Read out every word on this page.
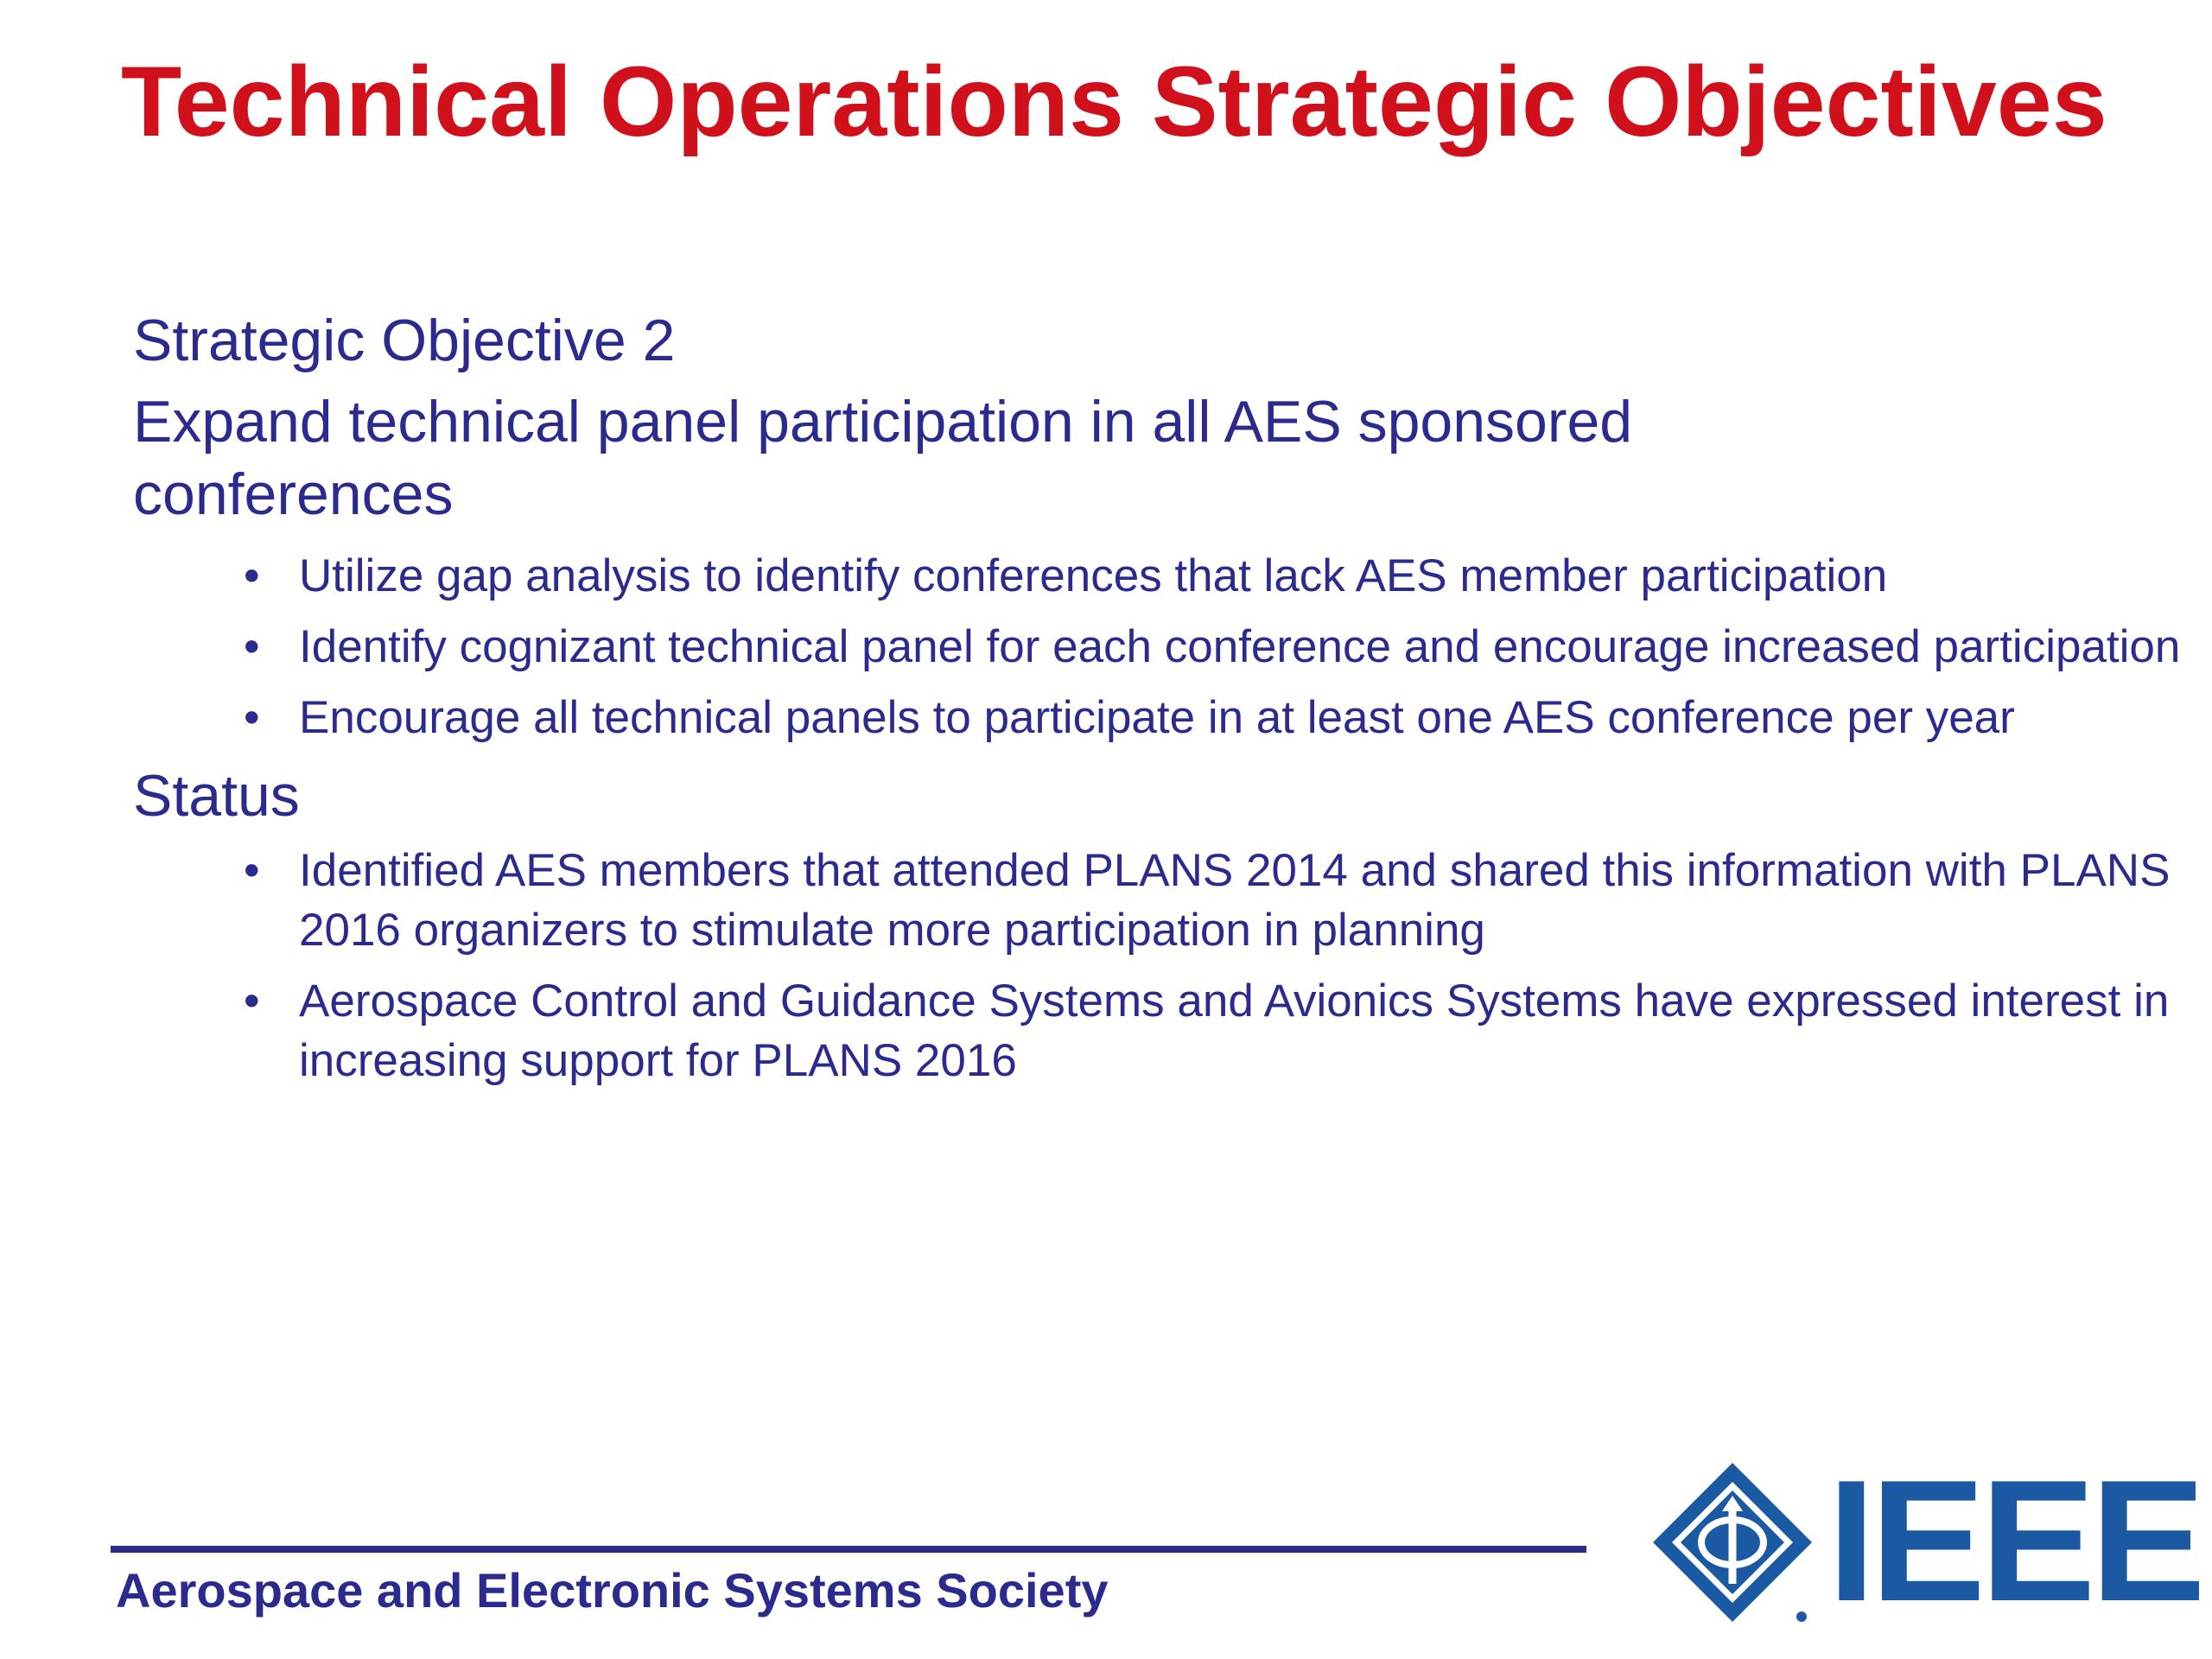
Technical Operations Strategic Objectives
Strategic Objective 2
Expand technical panel participation in all AES sponsored conferences
• Utilize gap analysis to identify conferences that lack AES member participation
• Identify cognizant technical panel for each conference and encourage increased participation
• Encourage all technical panels to participate in at least one AES conference per year
Status
• Identified AES members that attended PLANS 2014 and shared this information with PLANS 2016 organizers to stimulate more participation in planning
• Aerospace Control and Guidance Systems and Avionics Systems have expressed interest in increasing support for PLANS 2016
Aerospace and Electronic Systems Society	IEEE
